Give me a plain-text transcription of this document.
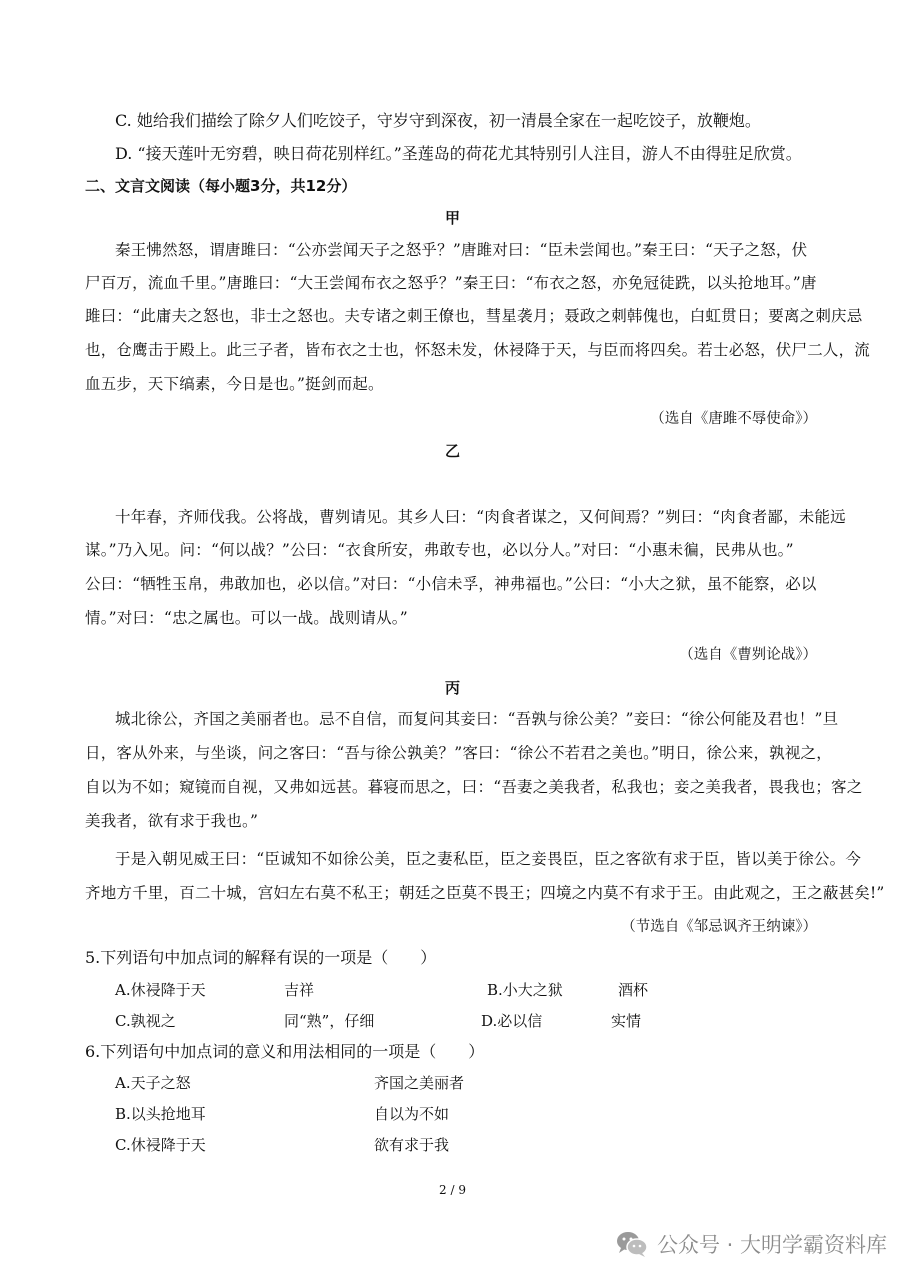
C. 她给我们描绘了除夕人们吃饺子，守岁守到深夜，初一清晨全家在一起吃饺子，放鞭炮。
D. “接天莲叶无穷碧，映日荷花别样红。”圣莲岛的荷花尤其特别引人注目，游人不由得驻足欣赏。
二、文言文阅读（每小题3分，共12分）
甲
秦王怫然怒，谓唐雎曰：“公亦尝闻天子之怒乎？”唐雎对曰：“臣未尝闻也。”秦王曰：“天子之怒，伏
尸百万，流血千里。”唐雎曰：“大王尝闻布衣之怒乎？”秦王曰：“布衣之怒，亦免冠徒跣，以头抢地耳。”唐
雎曰：“此庸夫之怒也，非士之怒也。夫专诸之刺王僚也，彗星袭月；聂政之刺韩傀也，白虹贯日；要离之刺庆忌
也，仓鹰击于殿上。此三子者，皆布衣之士也，怀怒未发，休祲降于天，与臣而将四矣。若士必怒，伏尸二人，流
血五步，天下缟素，今日是也。”挺剑而起。
（选自《唐雎不辱使命》）
乙
十年春，齐师伐我。公将战，曹刿请见。其乡人曰：“肉食者谋之，又何间焉？”刿曰：“肉食者鄙，未能远
谋。”乃入见。问：“何以战？”公曰：“衣食所安，弗敢专也，必以分人。”对曰：“小惠未徧，民弗从也。”
公曰：“牺牲玉帛，弗敢加也，必以信。”对曰：“小信未孚，神弗福也。”公曰：“小大之狱，虽不能察，必以
情。”对曰：“忠之属也。可以一战。战则请从。”
（选自《曹刿论战》）
丙
城北徐公，齐国之美丽者也。忌不自信，而复问其妾曰：“吾孰与徐公美？”妾曰：“徐公何能及君也！”旦
日，客从外来，与坐谈，问之客曰：“吾与徐公孰美？”客曰：“徐公不若君之美也。”明日，徐公来，孰视之，
自以为不如；窥镜而自视，又弗如远甚。暮寝而思之，曰：“吾妻之美我者，私我也；妾之美我者，畏我也；客之
美我者，欲有求于我也。”
于是入朝见威王曰：“臣诚知不如徐公美，臣之妻私臣，臣之妾畏臣，臣之客欲有求于臣，皆以美于徐公。今
齐地方千里，百二十城，宫妇左右莫不私王；朝廷之臣莫不畏王；四境之内莫不有求于王。由此观之，王之蔽甚矣!”
（节选自《邹忌讽齐王纳谏》）
5.下列语句中加点词的解释有误的一项是（　　）
A.休祲降于天	吉祥	B.小大之狱	酒杯
C.孰视之	同“熟”，仔细	D.必以信	实情
6.下列语句中加点词的意义和用法相同的一项是（　　）
A.天子之怒	齐国之美丽者
B.以头抢地耳	自以为不如
C.休祲降于天	欲有求于我
2 / 9
公众号 · 大明学霸资料库
